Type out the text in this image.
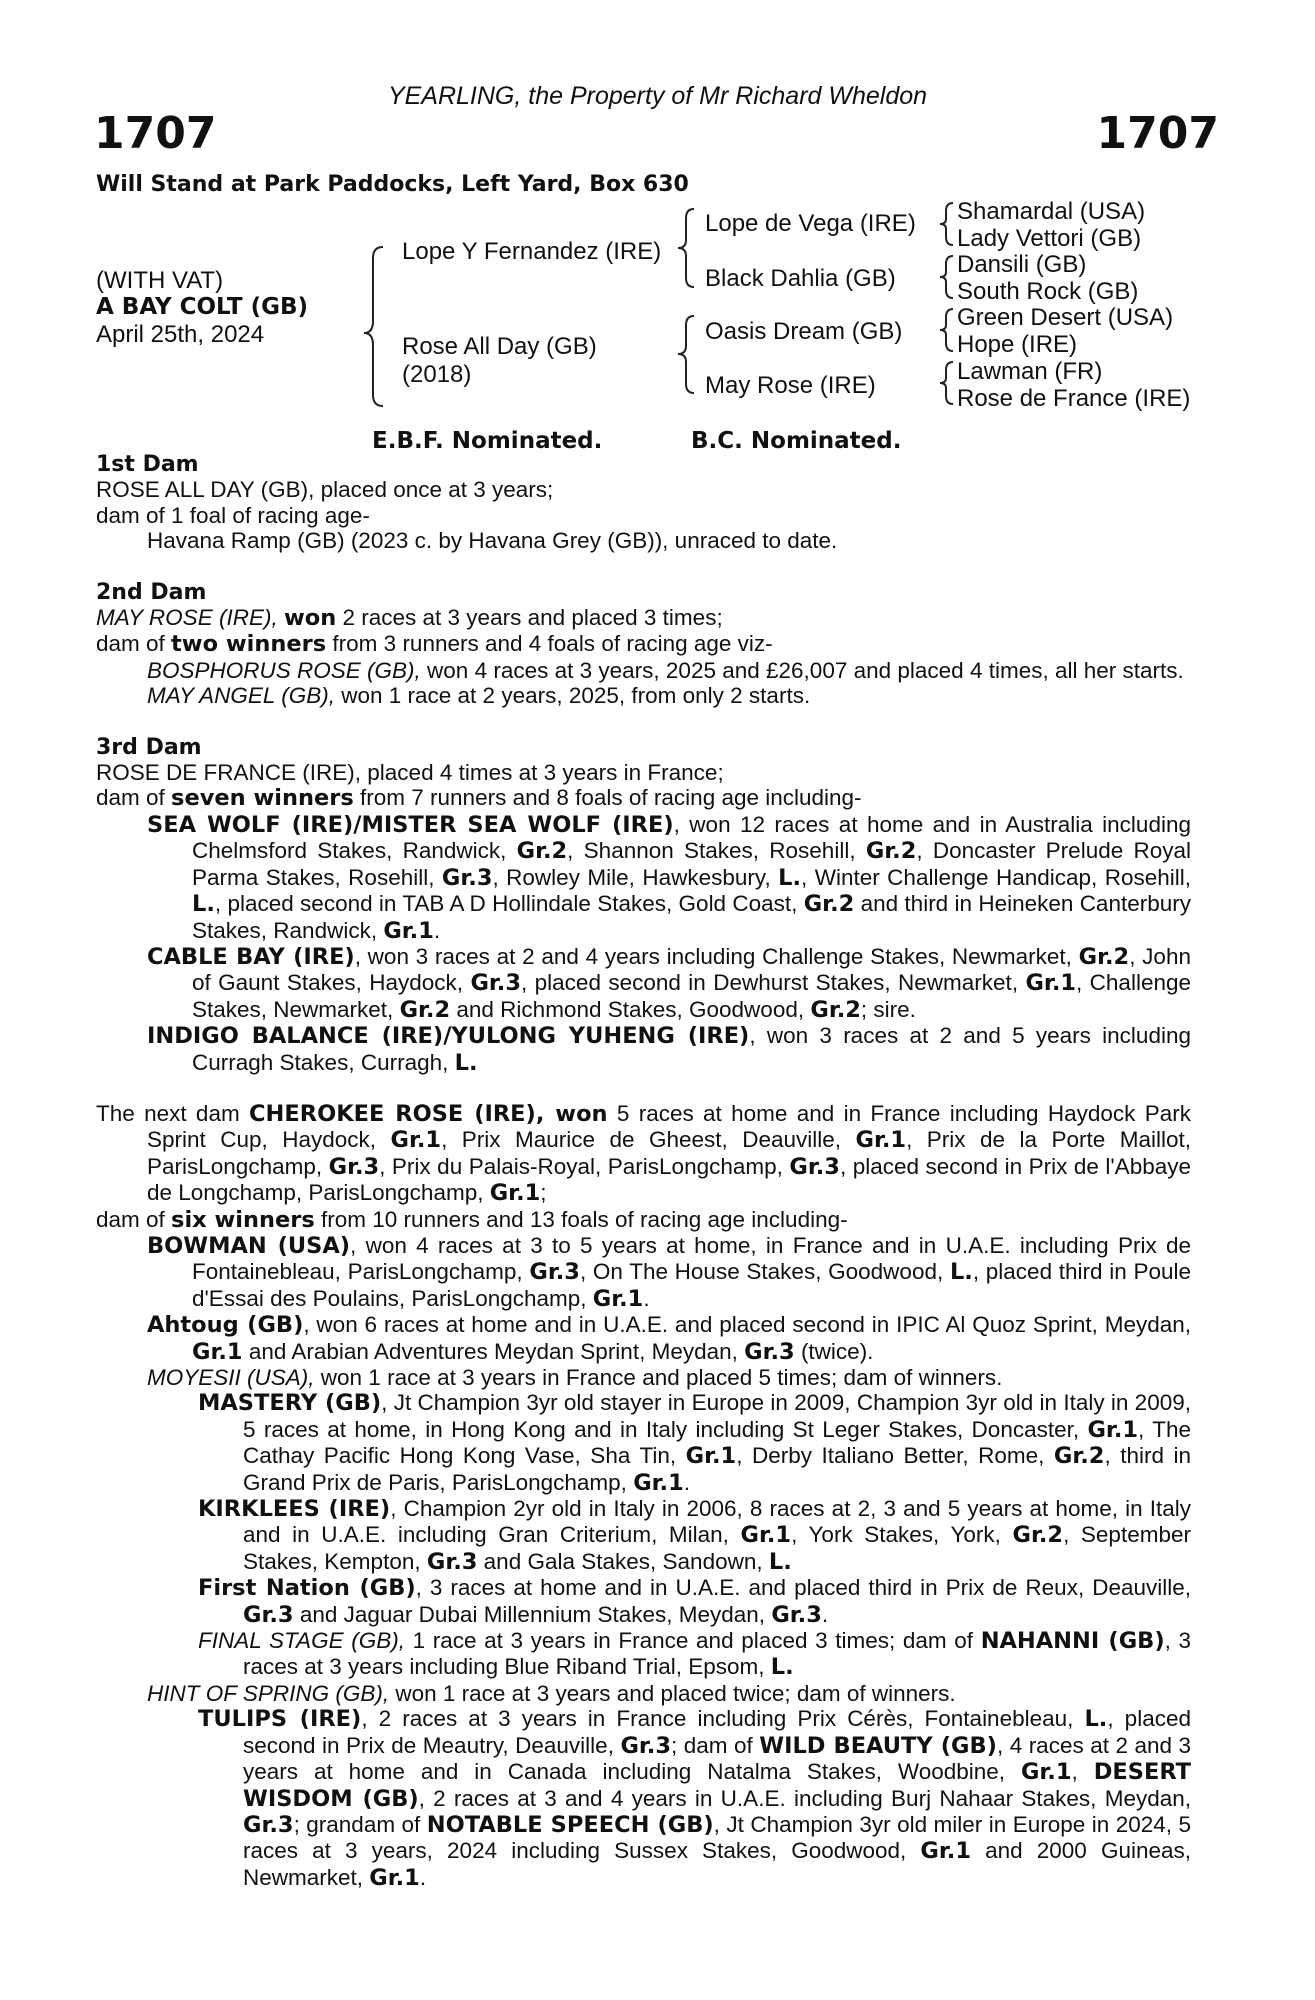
YEARLING, the Property of Mr Richard Wheldon
1707	1707
Will Stand at Park Paddocks, Left Yard, Box 630
(WITH VAT)
A BAY COLT (GB)
April 25th, 2024
Lope Y Fernandez (IRE)
Rose All Day (GB)
(2018)
Lope de Vega (IRE)
Black Dahlia (GB)
Oasis Dream (GB)
May Rose (IRE)
Shamardal (USA)
Lady Vettori (GB)
Dansili (GB)
South Rock (GB)
Green Desert (USA)
Hope (IRE)
Lawman (FR)
Rose de France (IRE)
E.B.F. Nominated.	B.C. Nominated.

1st Dam

ROSE ALL DAY (GB), placed once at 3 years;

dam of 1 foal of racing age-

Havana Ramp (GB) (2023 c. by Havana Grey (GB)), unraced to date.

2nd Dam

MAY ROSE (IRE), won 2 races at 3 years and placed 3 times;

dam of two winners from 3 runners and 4 foals of racing age viz-

BOSPHORUS ROSE (GB), won 4 races at 3 years, 2025 and £26,007 and placed 4 times, all her starts.

MAY ANGEL (GB), won 1 race at 2 years, 2025, from only 2 starts.

3rd Dam

ROSE DE FRANCE (IRE), placed 4 times at 3 years in France;

dam of seven winners from 7 runners and 8 foals of racing age including-

SEA WOLF (IRE)/MISTER SEA WOLF (IRE), won 12 races at home and in Australia including Chelmsford Stakes, Randwick, Gr.2, Shannon Stakes, Rosehill, Gr.2, Doncaster Prelude Royal Parma Stakes, Rosehill, Gr.3, Rowley Mile, Hawkesbury, L., Winter Challenge Handicap, Rosehill, L., placed second in TAB A D Hollindale Stakes, Gold Coast, Gr.2 and third in Heineken Canterbury Stakes, Randwick, Gr.1.

CABLE BAY (IRE), won 3 races at 2 and 4 years including Challenge Stakes, Newmarket, Gr.2, John of Gaunt Stakes, Haydock, Gr.3, placed second in Dewhurst Stakes, Newmarket, Gr.1, Challenge Stakes, Newmarket, Gr.2 and Richmond Stakes, Goodwood, Gr.2; sire.

INDIGO BALANCE (IRE)/YULONG YUHENG (IRE), won 3 races at 2 and 5 years including Curragh Stakes, Curragh, L.

The next dam CHEROKEE ROSE (IRE), won 5 races at home and in France including Haydock Park Sprint Cup, Haydock, Gr.1, Prix Maurice de Gheest, Deauville, Gr.1, Prix de la Porte Maillot, ParisLongchamp, Gr.3, Prix du Palais-Royal, ParisLongchamp, Gr.3, placed second in Prix de l'Abbaye de Longchamp, ParisLongchamp, Gr.1;

dam of six winners from 10 runners and 13 foals of racing age including-

BOWMAN (USA), won 4 races at 3 to 5 years at home, in France and in U.A.E. including Prix de Fontainebleau, ParisLongchamp, Gr.3, On The House Stakes, Goodwood, L., placed third in Poule d'Essai des Poulains, ParisLongchamp, Gr.1.

Ahtoug (GB), won 6 races at home and in U.A.E. and placed second in IPIC Al Quoz Sprint, Meydan, Gr.1 and Arabian Adventures Meydan Sprint, Meydan, Gr.3 (twice).

MOYESII (USA), won 1 race at 3 years in France and placed 5 times; dam of winners.

MASTERY (GB), Jt Champion 3yr old stayer in Europe in 2009, Champion 3yr old in Italy in 2009, 5 races at home, in Hong Kong and in Italy including St Leger Stakes, Doncaster, Gr.1, The Cathay Pacific Hong Kong Vase, Sha Tin, Gr.1, Derby Italiano Better, Rome, Gr.2, third in Grand Prix de Paris, ParisLongchamp, Gr.1.

KIRKLEES (IRE), Champion 2yr old in Italy in 2006, 8 races at 2, 3 and 5 years at home, in Italy and in U.A.E. including Gran Criterium, Milan, Gr.1, York Stakes, York, Gr.2, September Stakes, Kempton, Gr.3 and Gala Stakes, Sandown, L.

First Nation (GB), 3 races at home and in U.A.E. and placed third in Prix de Reux, Deauville, Gr.3 and Jaguar Dubai Millennium Stakes, Meydan, Gr.3.

FINAL STAGE (GB), 1 race at 3 years in France and placed 3 times; dam of NAHANNI (GB), 3 races at 3 years including Blue Riband Trial, Epsom, L.

HINT OF SPRING (GB), won 1 race at 3 years and placed twice; dam of winners.

TULIPS (IRE), 2 races at 3 years in France including Prix Cérès, Fontainebleau, L., placed second in Prix de Meautry, Deauville, Gr.3; dam of WILD BEAUTY (GB), 4 races at 2 and 3 years at home and in Canada including Natalma Stakes, Woodbine, Gr.1, DESERT WISDOM (GB), 2 races at 3 and 4 years in U.A.E. including Burj Nahaar Stakes, Meydan, Gr.3; grandam of NOTABLE SPEECH (GB), Jt Champion 3yr old miler in Europe in 2024, 5 races at 3 years, 2024 including Sussex Stakes, Goodwood, Gr.1 and 2000 Guineas, Newmarket, Gr.1.
